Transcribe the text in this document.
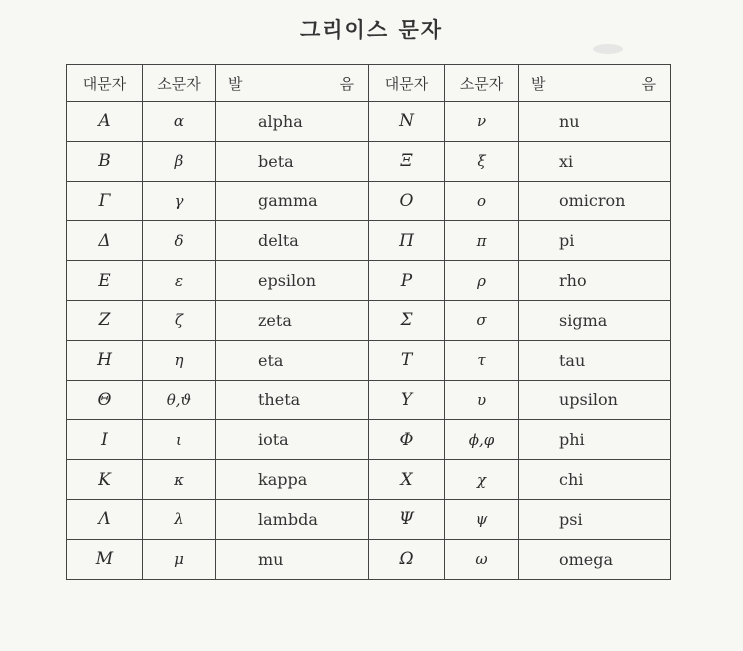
그리이스 문자
대문자	소문자	발 음	대문자	소문자	발 음

A	α	alpha	N	ν	nu
B	β	beta	Ξ	ξ	xi
Γ	γ	gamma	O	ο	omicron
Δ	δ	delta	Π	π	pi
E	ε	epsilon	P	ρ	rho
Z	ζ	zeta	Σ	σ	sigma
H	η	eta	T	τ	tau
Θ	θ,ϑ	theta	Υ	υ	upsilon
I	ι	iota	Φ	ϕ,φ	phi
K	κ	kappa	X	χ	chi
Λ	λ	lambda	Ψ	ψ	psi
M	μ	mu	Ω	ω	omega
